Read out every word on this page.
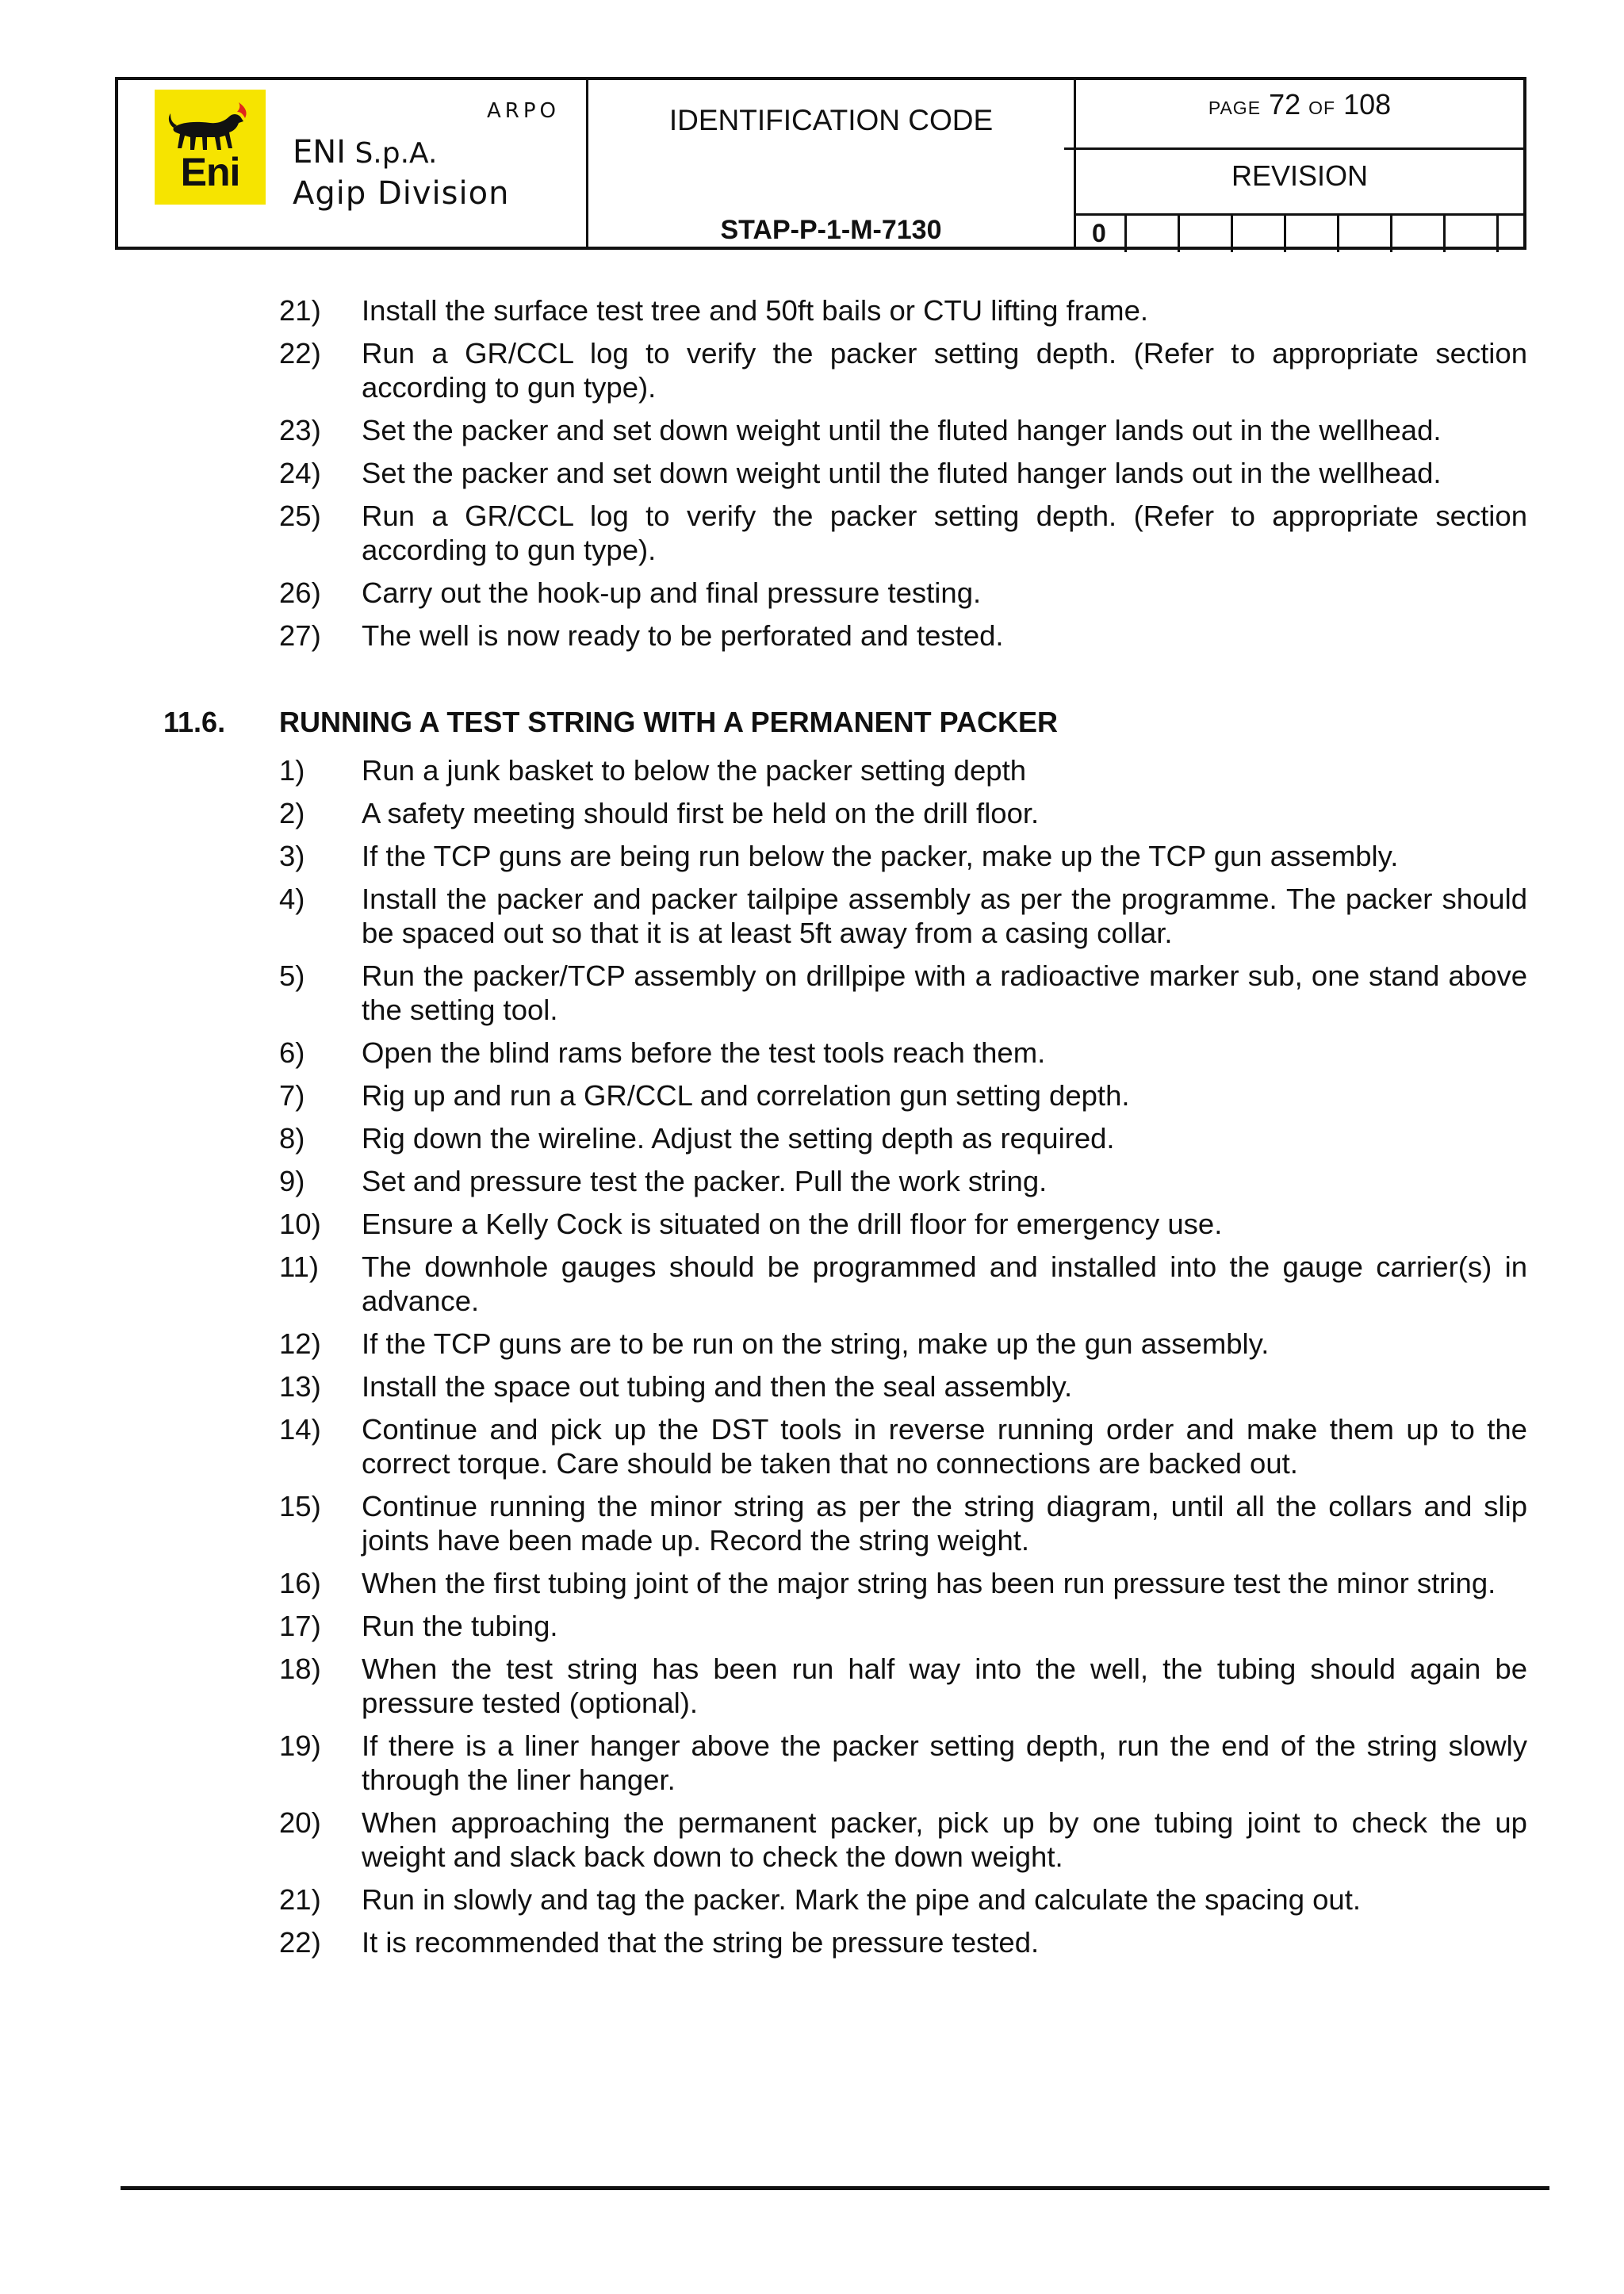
Eni
ARPO
ENI S.p.A.
Agip Division
IDENTIFICATION CODE
STAP-P-1-M-7130
PAGE 72 OF 108
REVISION
0
21) Install the surface test tree and 50ft bails or CTU lifting frame.
22) Run a GR/CCL log to verify the packer setting depth. (Refer to appropriate section according to gun type).
23) Set the packer and set down weight until the fluted hanger lands out in the wellhead.
24) Set the packer and set down weight until the fluted hanger lands out in the wellhead.
25) Run a GR/CCL log to verify the packer setting depth. (Refer to appropriate section according to gun type).
26) Carry out the hook-up and final pressure testing.
27) The well is now ready to be perforated and tested.
11.6. RUNNING A TEST STRING WITH A PERMANENT PACKER
1) Run a junk basket to below the packer setting depth
2) A safety meeting should first be held on the drill floor.
3) If the TCP guns are being run below the packer, make up the TCP gun assembly.
4) Install the packer and packer tailpipe assembly as per the programme. The packer should be spaced out so that it is at least 5ft away from a casing collar.
5) Run the packer/TCP assembly on drillpipe with a radioactive marker sub, one stand above the setting tool.
6) Open the blind rams before the test tools reach them.
7) Rig up and run a GR/CCL and correlation gun setting depth.
8) Rig down the wireline. Adjust the setting depth as required.
9) Set and pressure test the packer. Pull the work string.
10) Ensure a Kelly Cock is situated on the drill floor for emergency use.
11) The downhole gauges should be programmed and installed into the gauge carrier(s) in advance.
12) If the TCP guns are to be run on the string, make up the gun assembly.
13) Install the space out tubing and then the seal assembly.
14) Continue and pick up the DST tools in reverse running order and make them up to the correct torque. Care should be taken that no connections are backed out.
15) Continue running the minor string as per the string diagram, until all the collars and slip joints have been made up. Record the string weight.
16) When the first tubing joint of the major string has been run pressure test the minor string.
17) Run the tubing.
18) When the test string has been run half way into the well, the tubing should again be pressure tested (optional).
19) If there is a liner hanger above the packer setting depth, run the end of the string slowly through the liner hanger.
20) When approaching the permanent packer, pick up by one tubing joint to check the up weight and slack back down to check the down weight.
21) Run in slowly and tag the packer. Mark the pipe and calculate the spacing out.
22) It is recommended that the string be pressure tested.
